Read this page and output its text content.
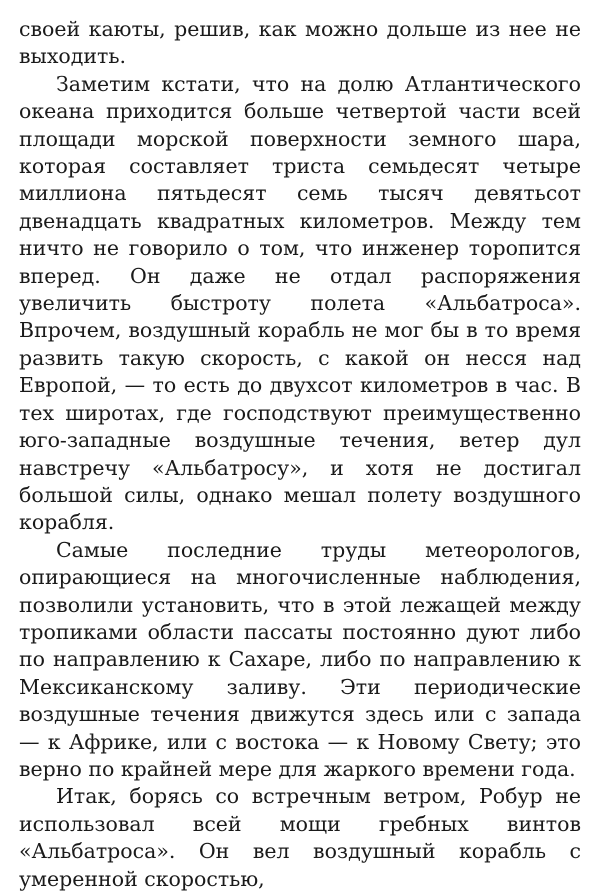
своей каюты, решив, как можно дольше из нее не выходить.

Заметим кстати, что на долю Атлантического океана приходится больше четвертой части всей площади морской поверхности земного шара, которая составляет триста семьдесят четыре миллиона пятьдесят семь тысяч девятьсот двенадцать квадратных километров. Между тем ничто не говорило о том, что инженер торопится вперед. Он даже не отдал распоряжения увеличить быстроту полета «Альбатроса». Впрочем, воздушный корабль не мог бы в то время развить такую скорость, с какой он несся над Европой, — то есть до двухсот километров в час. В тех широтах, где господствуют преимущественно юго-западные воздушные течения, ветер дул навстречу «Альбатросу», и хотя не достигал большой силы, однако мешал полету воздушного корабля.

Самые последние труды метеорологов, опирающиеся на многочисленные наблюдения, позволили установить, что в этой лежащей между тропиками области пассаты постоянно дуют либо по направлению к Сахаре, либо по направлению к Мексиканскому заливу. Эти периодические воздушные течения движутся здесь или с запада — к Африке, или с востока — к Новому Свету; это верно по крайней мере для жаркого времени года.

Итак, борясь со встречным ветром, Робур не использовал всей мощи гребных винтов «Альбатроса». Он вел воздушный корабль с умеренной скоростью,
